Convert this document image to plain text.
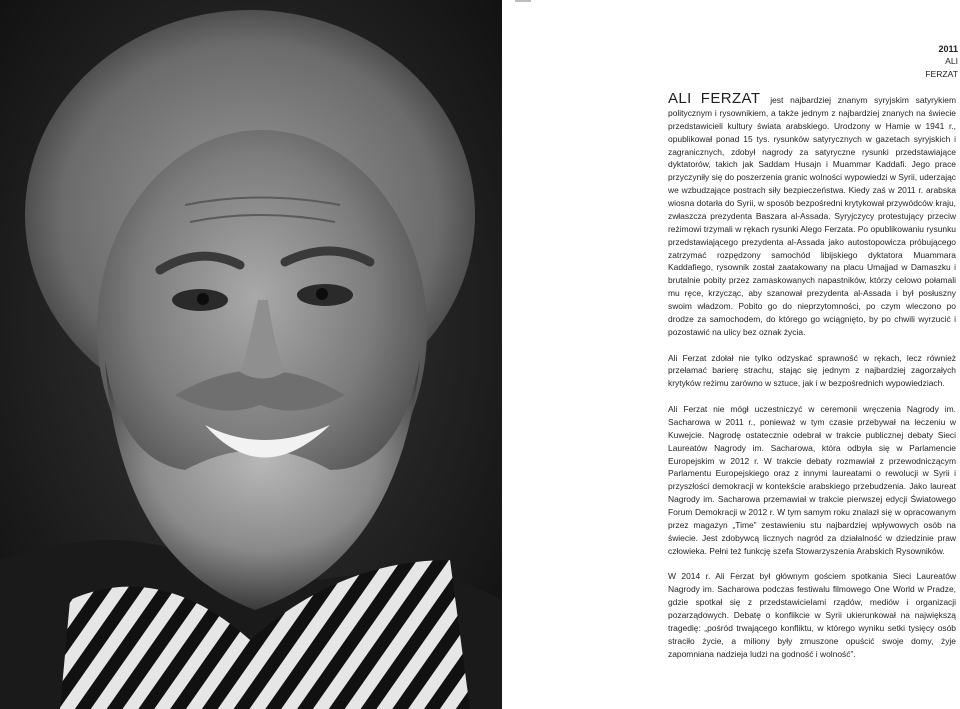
2011
ALI
FERZAT

ALI FERZAT jest najbardziej znanym syryjskim satyrykiem politycznym i rysownikiem, a także jednym z najbardziej znanych na świecie przedstawicieli kultury świata arabskiego. Urodzony w Hamie w 1941 r., opublikował ponad 15 tys. rysunków satyrycznych w gazetach syryjskich i zagranicznych, zdobył nagrody za satyryczne rysunki przedstawiające dyktatorów, takich jak Saddam Husajn i Muammar Kaddafi. Jego prace przyczyniły się do poszerzenia granic wolności wypowiedzi w Syrii, uderzając we wzbudzające postrach siły bezpieczeństwa. Kiedy zaś w 2011 r. arabska wiosna dotarła do Syrii, w sposób bezpośredni krytykował przywódców kraju, zwłaszcza prezydenta Baszara al-Assada. Syryjczycy protestujący przeciw reżimowi trzymali w rękach rysunki Alego Ferzata. Po opublikowaniu rysunku przedstawiającego prezydenta al-Assada jako autostopowicza próbującego zatrzymać rozpędzony samochód libijskiego dyktatora Muammara Kaddafiego, rysownik został zaatakowany na placu Umajjad w Damaszku i brutalnie pobity przez zamaskowanych napastników, którzy celowo połamali mu ręce, krzycząc, aby szanował prezydenta al-Assada i był posłuszny swoim władzom. Pobito go do nieprzytomności, po czym wleczono po drodze za samochodem, do którego go wciągnięto, by po chwili wyrzucić i pozostawić na ulicy bez oznak życia.

Ali Ferzat zdołał nie tylko odzyskać sprawność w rękach, lecz również przełamać barierę strachu, stając się jednym z najbardziej zagorzałych krytyków reżimu zarówno w sztuce, jak i w bezpośrednich wypowiedziach.

Ali Ferzat nie mógł uczestniczyć w ceremonii wręczenia Nagrody im. Sacharowa w 2011 r., ponieważ w tym czasie przebywał na leczeniu w Kuwejcie. Nagrodę ostatecznie odebrał w trakcie publicznej debaty Sieci Laureatów Nagrody im. Sacharowa, która odbyła się w Parlamencie Europejskim w 2012 r. W trakcie debaty rozmawiał z przewodniczącym Parlamentu Europejskiego oraz z innymi laureatami o rewolucji w Syrii i przyszłości demokracji w kontekście arabskiego przebudzenia. Jako laureat Nagrody im. Sacharowa przemawiał w trakcie pierwszej edycji Światowego Forum Demokracji w 2012 r. W tym samym roku znalazł się w opracowanym przez magazyn „Time” zestawieniu stu najbardziej wpływowych osób na świecie. Jest zdobywcą licznych nagród za działalność w dziedzinie praw człowieka. Pełni też funkcję szefa Stowarzyszenia Arabskich Rysowników.

W 2014 r. Ali Ferzat był głównym gościem spotkania Sieci Laureatów Nagrody im. Sacharowa podczas festiwalu filmowego One World w Pradze, gdzie spotkał się z przedstawicielami rządów, mediów i organizacji pozarządowych. Debatę o konflikcie w Syrii ukierunkował na największą tragedię: „pośród trwającego konfliktu, w którego wyniku setki tysięcy osób straciło życie, a miliony były zmuszone opuścić swoje domy, żyje zapomniana nadzieja ludzi na godność i wolność”.
